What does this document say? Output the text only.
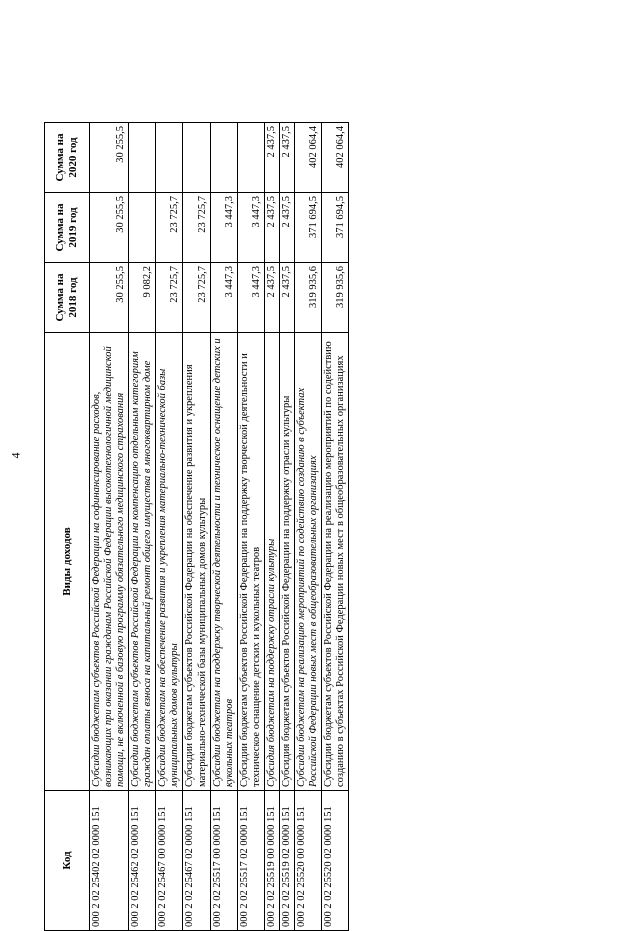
4
Код	Виды доходов	Сумма на 2018 год	Сумма на 2019 год	Сумма на 2020 год
000 2 02 25402 02 0000 151	Субсидии бюджетам субъектов Российской Федерации на софинансирование расходов, возникающих при оказании гражданам Российской Федерации высокотехнологичной медицинской помощи, не включенной в базовую программу обязательного медицинского страхования	30 255,5	30 255,5	30 255,5
000 2 02 25462 02 0000 151	Субсидии бюджетам субъектов Российской Федерации на компенсацию отдельным категориям граждан оплаты взноса на капитальный ремонт общего имущества в многоквартирном доме	9 082,2		
000 2 02 25467 00 0000 151	Субсидии бюджетам на обеспечение развития и укрепления материально-технической базы муниципальных домов культуры	23 725,7	23 725,7	
000 2 02 25467 02 0000 151	Субсидии бюджетам субъектов Российской Федерации на обеспечение развития и укрепления материально-технической базы муниципальных домов культуры	23 725,7	23 725,7	
000 2 02 25517 00 0000 151	Субсидии бюджетам на поддержку творческой деятельности и техническое оснащение детских и кукольных театров	3 447,3	3 447,3	
000 2 02 25517 02 0000 151	Субсидии бюджетам субъектов Российской Федерации на поддержку творческой деятельности и техническое оснащение детских и кукольных театров	3 447,3	3 447,3	
000 2 02 25519 00 0000 151	Субсидия бюджетам на поддержку отрасли культуры	2 437,5	2 437,5	2 437,5
000 2 02 25519 02 0000 151	Субсидия бюджетам субъектов Российской Федерации на поддержку отрасли культуры	2 437,5	2 437,5	2 437,5
000 2 02 25520 00 0000 151	Субсидии бюджетам на реализацию мероприятий по содействию созданию в субъектах Российской Федерации новых мест в общеобразовательных организациях	319 935,6	371 694,5	402 064,4
000 2 02 25520 02 0000 151	Субсидии бюджетам субъектов Российской Федерации на реализацию мероприятий по содействию созданию в субъектах Российской Федерации новых мест в общеобразовательных организациях	319 935,6	371 694,5	402 064,4
